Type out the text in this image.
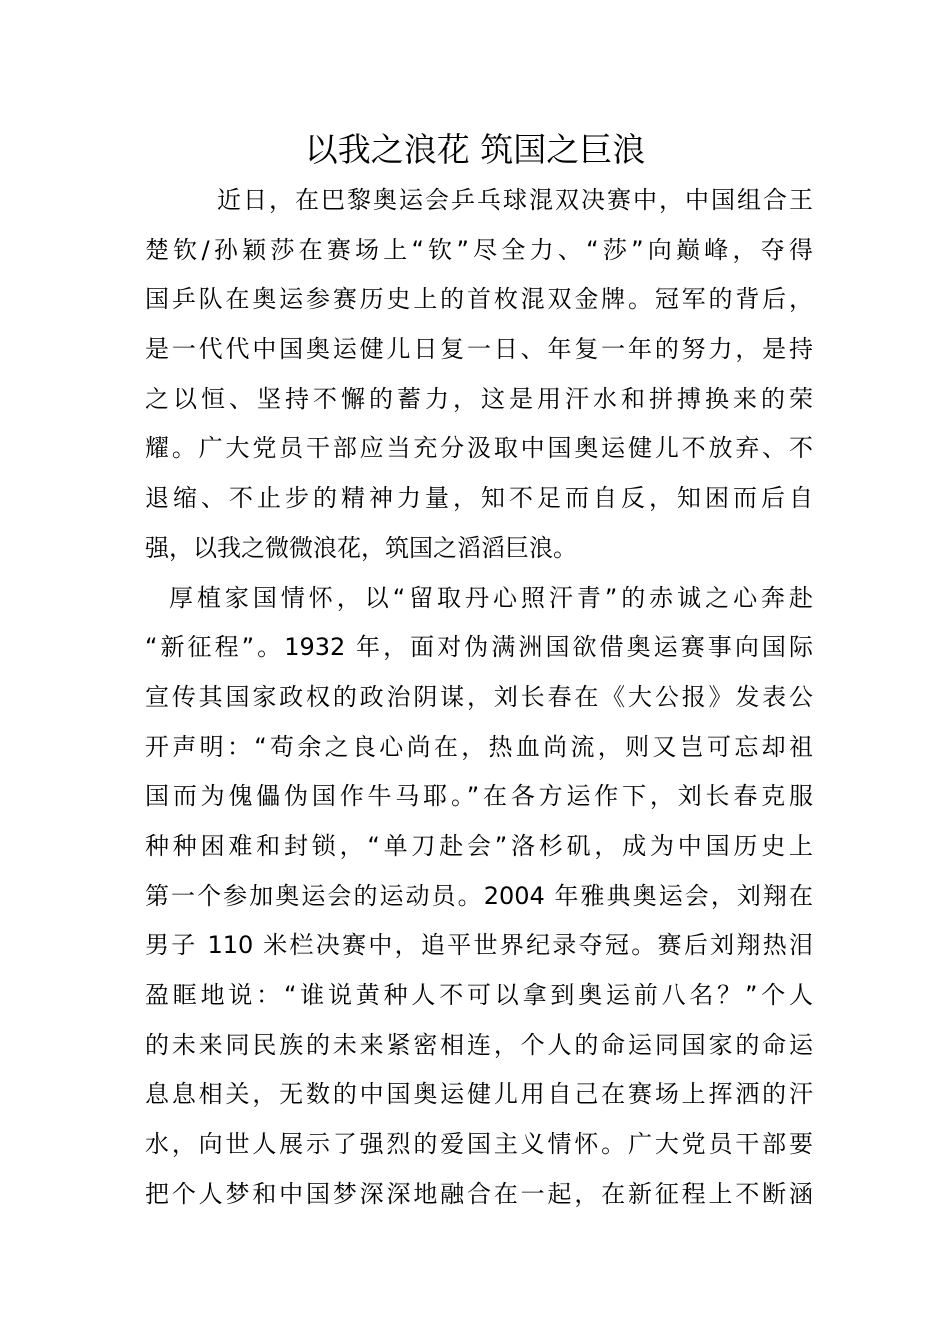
以我之浪花 筑国之巨浪
近日，在巴黎奥运会乒乓球混双决赛中，中国组合王
楚钦/孙颖莎在赛场上“钦”尽全力、“莎”向巅峰，夺得
国乒队在奥运参赛历史上的首枚混双金牌。冠军的背后，
是一代代中国奥运健儿日复一日、年复一年的努力，是持
之以恒、坚持不懈的蓄力，这是用汗水和拼搏换来的荣
耀。广大党员干部应当充分汲取中国奥运健儿不放弃、不
退缩、不止步的精神力量，知不足而自反，知困而后自
强，以我之微微浪花，筑国之滔滔巨浪。
厚植家国情怀，以“留取丹心照汗青”的赤诚之心奔赴
“新征程”。1932 年，面对伪满洲国欲借奥运赛事向国际
宣传其国家政权的政治阴谋，刘长春在《大公报》发表公
开声明：“苟余之良心尚在，热血尚流，则又岂可忘却祖
国而为傀儡伪国作牛马耶。”在各方运作下，刘长春克服
种种困难和封锁，“单刀赴会”洛杉矶，成为中国历史上
第一个参加奥运会的运动员。2004 年雅典奥运会，刘翔在
男子 110 米栏决赛中，追平世界纪录夺冠。赛后刘翔热泪
盈眶地说：“谁说黄种人不可以拿到奥运前八名？”个人
的未来同民族的未来紧密相连，个人的命运同国家的命运
息息相关，无数的中国奥运健儿用自己在赛场上挥洒的汗
水，向世人展示了强烈的爱国主义情怀。广大党员干部要
把个人梦和中国梦深深地融合在一起，在新征程上不断涵
